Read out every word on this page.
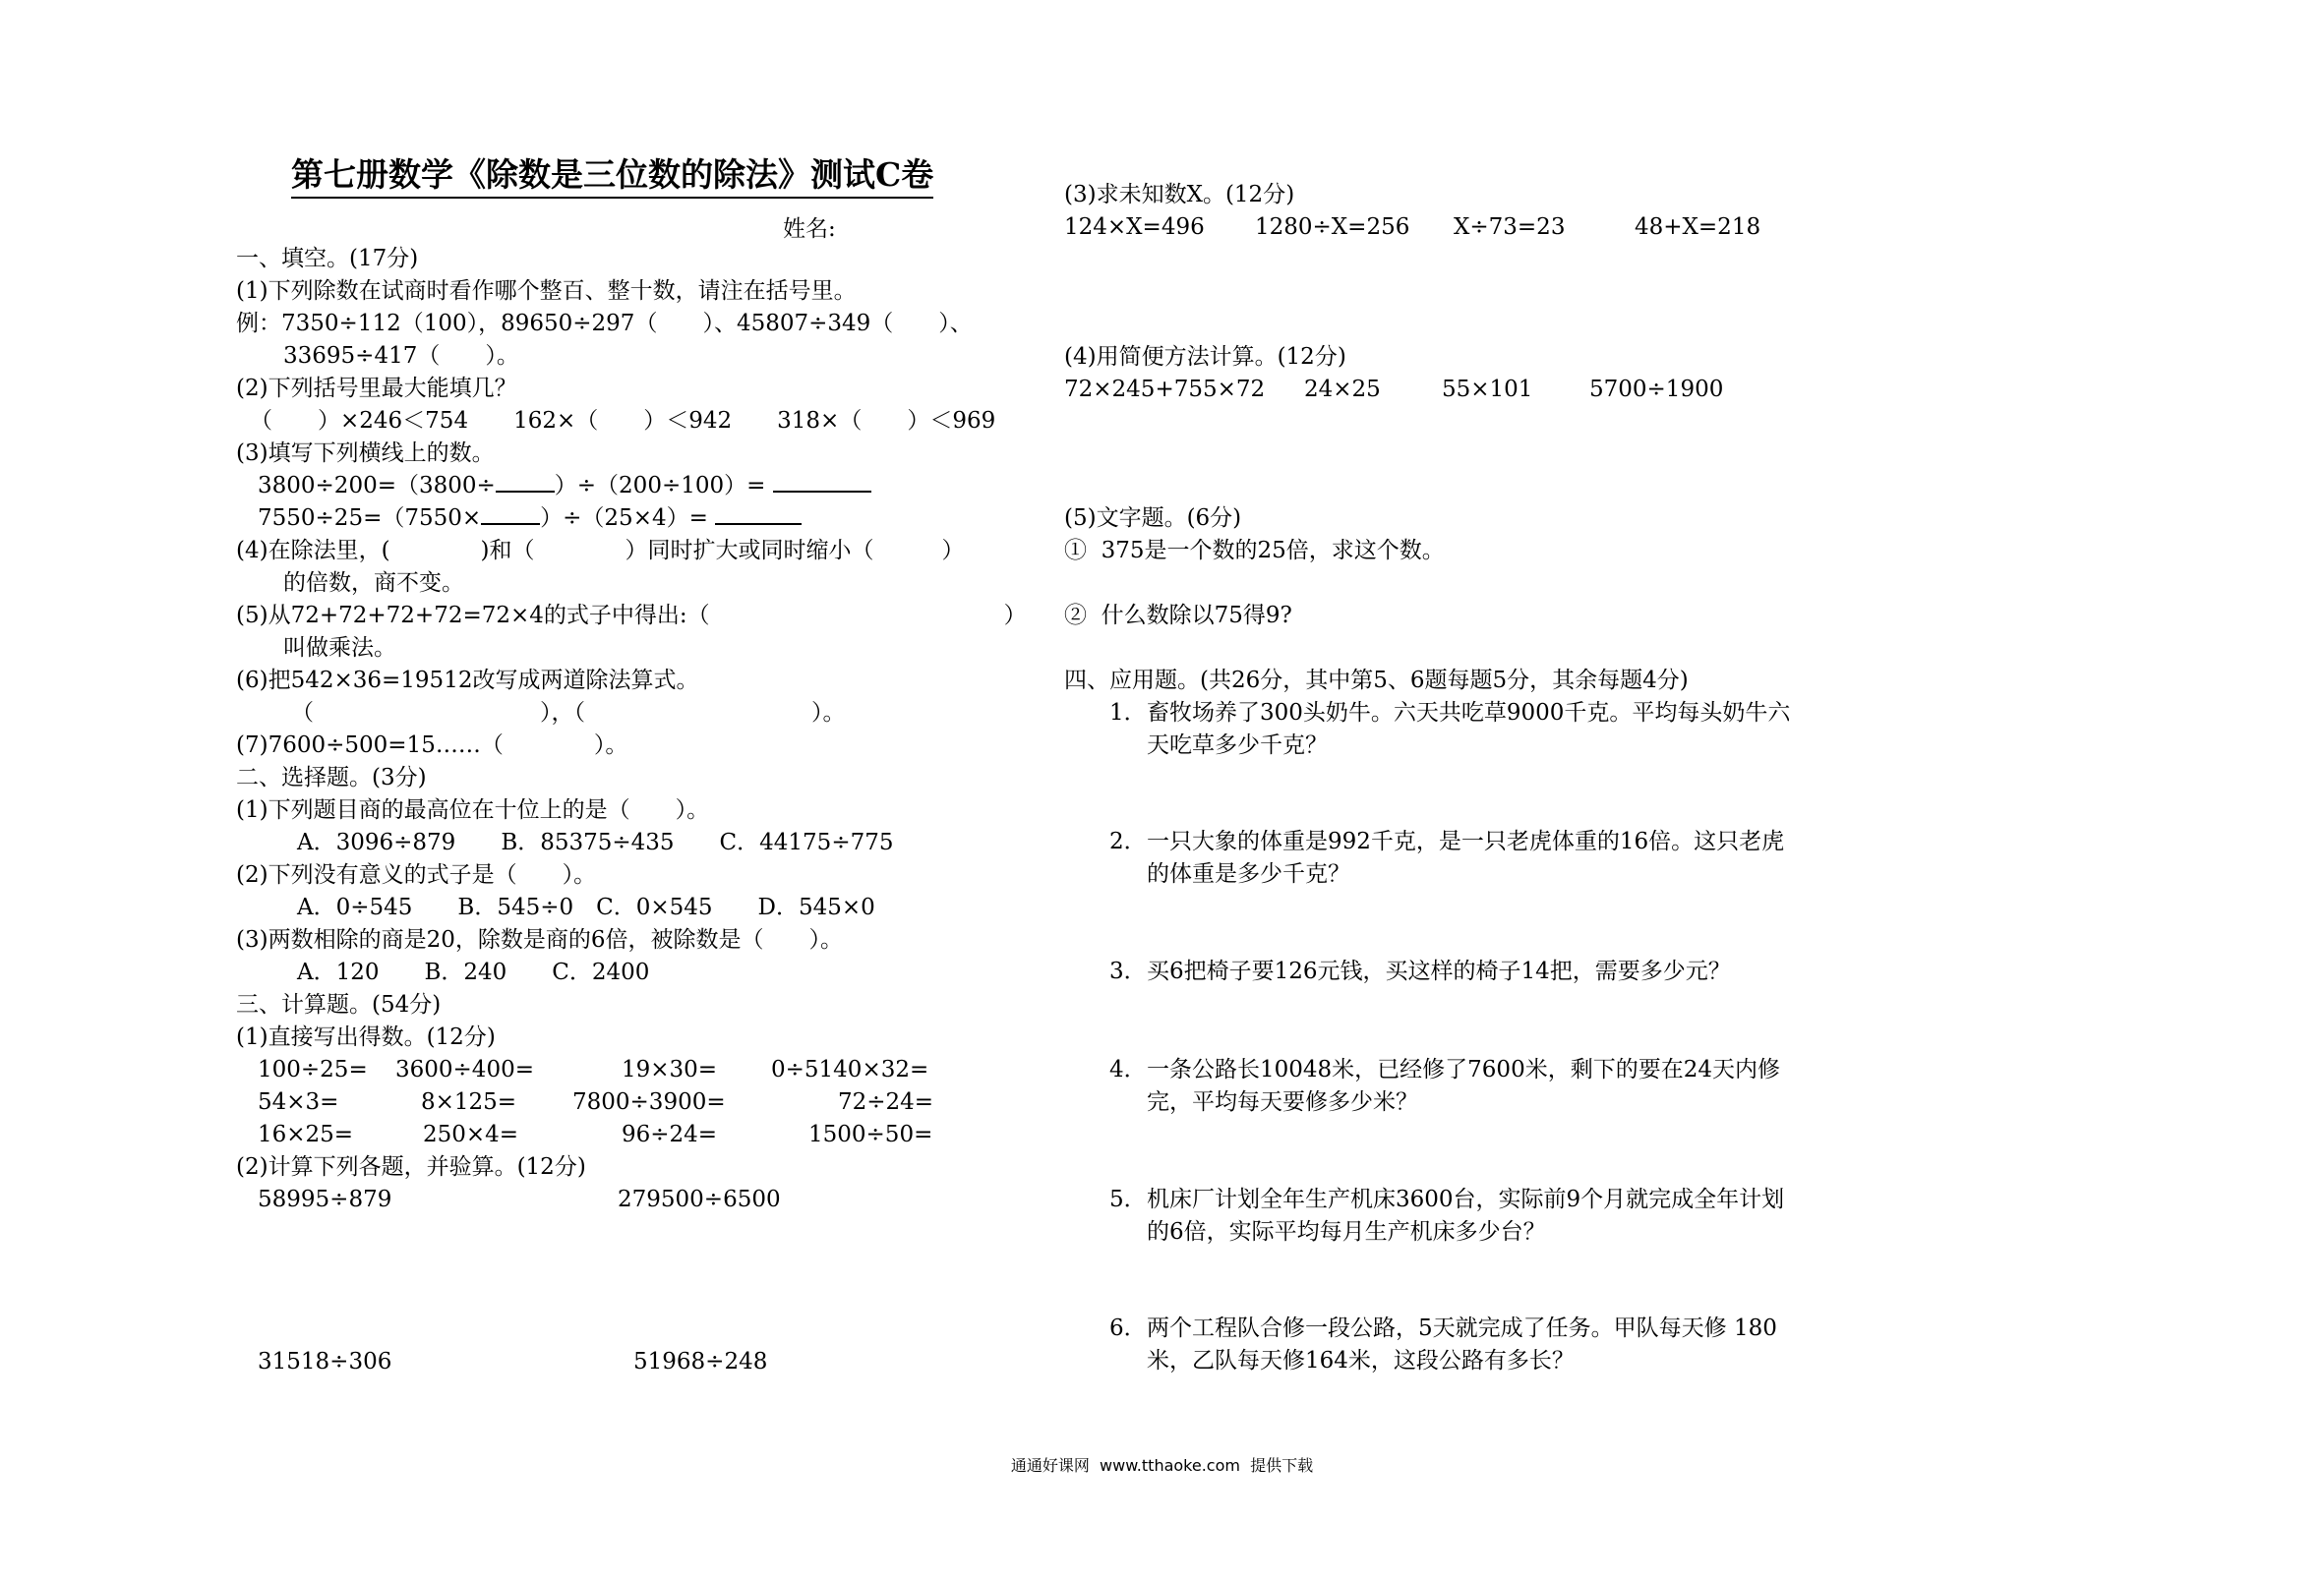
第七册数学《除数是三位数的除法》测试C卷
姓名:
一、填空。(17分)
(1)下列除数在试商时看作哪个整百、整十数，请注在括号里。
例：7350÷112（100），89650÷297（　　）、45807÷349（　　）、
33695÷417（　　）。
(2)下列括号里最大能填几？
（　　）×246＜754　　162×（　　）＜942　　318×（　　）＜969
(3)填写下列横线上的数。
3800÷200=（3800÷	）÷（200÷100）=
7550÷25=（7550×	）÷（25×4）=
(4)在除法里，(　　　　)和（　　　　）同时扩大或同时缩小（　　　）
的倍数，商不变。
(5)从72+72+72+72=72×4的式子中得出:（　　　　　　　　　　　　　）
叫做乘法。
(6)把542×36=19512改写成两道除法算式。
（　　　　　　　　　　），（　　　　　　　　　　）。
(7)7600÷500=15……（　　　　）。
二、选择题。(3分)
(1)下列题目商的最高位在十位上的是（　　）。
A．3096÷879　　B．85375÷435　　C．44175÷775
(2)下列没有意义的式子是（　　）。
A．0÷545　　B．545÷0　C．0×545　　D．545×0
(3)两数相除的商是20，除数是商的6倍，被除数是（　　）。
A．120　　B．240　　C．2400
三、计算题。(54分)
(1)直接写出得数。(12分)
100÷25= 3600÷400=	19×30= 0÷5140×32=
54×3=	8×125= 7800÷3900=	72÷24=
16×25=	250×4=	96÷24=	1500÷50=
(2)计算下列各题，并验算。(12分)
58995÷879	279500÷6500
31518÷306	51968÷248
(3)求未知数X。(12分)
124×X=496 1280÷X=256 X÷73=23	48+X=218
(4)用简便方法计算。(12分)
72×245+755×72 24×25	55×101	5700÷1900
(5)文字题。(6分)
①  375是一个数的25倍，求这个数。
②  什么数除以75得9?
四、应用题。(共26分，其中第5、6题每题5分，其余每题4分)
1． 畜牧场养了300头奶牛。六天共吃草9000千克。平均每头奶牛六
天吃草多少千克？
2． 一只大象的体重是992千克，是一只老虎体重的16倍。这只老虎
的体重是多少千克？
3． 买6把椅子要126元钱，买这样的椅子14把，需要多少元？
4． 一条公路长10048米，已经修了7600米，剩下的要在24天内修
完，平均每天要修多少米？
5． 机床厂计划全年生产机床3600台，实际前9个月就完成全年计划
的6倍，实际平均每月生产机床多少台？
6． 两个工程队合修一段公路，5天就完成了任务。甲队每天修 180
米，乙队每天修164米，这段公路有多长？
通通好课网  www.tthaoke.com  提供下载
